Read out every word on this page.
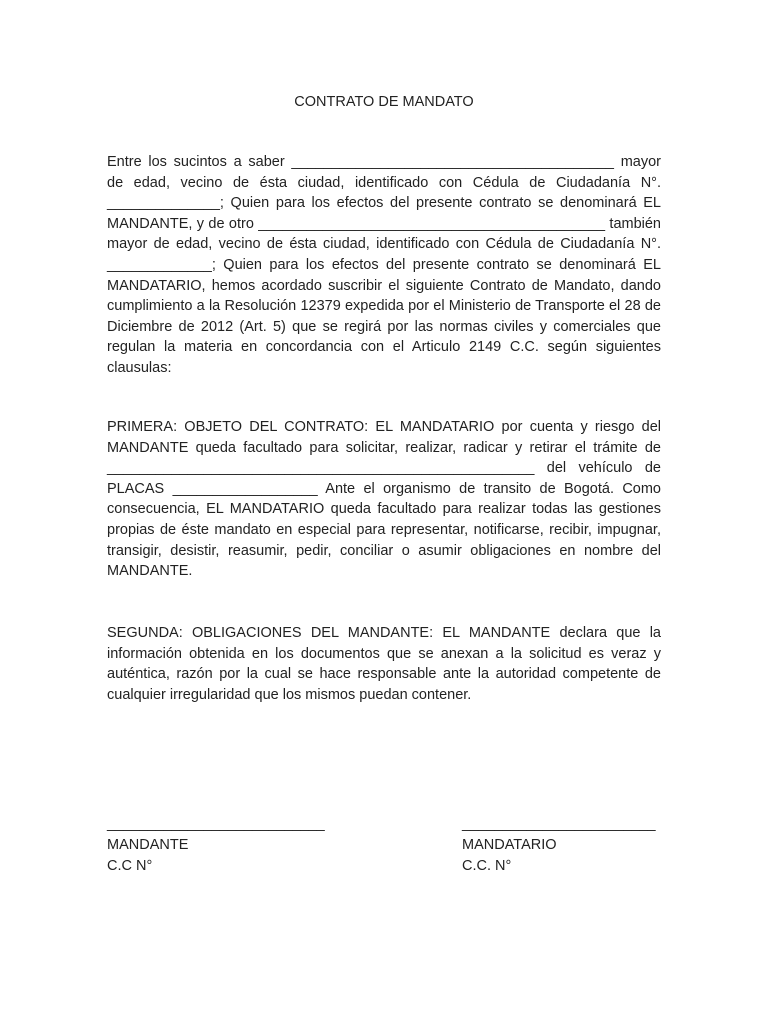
CONTRATO DE MANDATO

Entre los sucintos a saber ________________________________________ mayor de edad, vecino de ésta ciudad, identificado con Cédula de Ciudadanía N°. ______________; Quien para los efectos del presente contrato se denominará EL MANDANTE, y de otro ___________________________________________ también mayor de edad, vecino de ésta ciudad, identificado con Cédula de Ciudadanía N°. _____________; Quien para los efectos del presente contrato se denominará EL MANDATARIO, hemos acordado suscribir el siguiente Contrato de Mandato, dando cumplimiento a la Resolución 12379 expedida por el Ministerio de Transporte el 28 de Diciembre de 2012 (Art. 5) que se regirá por las normas civiles y comerciales que regulan la materia en concordancia con el Articulo 2149 C.C. según siguientes clausulas:

PRIMERA: OBJETO DEL CONTRATO: EL MANDATARIO por cuenta y riesgo del MANDANTE queda facultado para solicitar, realizar, radicar y retirar el trámite de _____________________________________________________ del vehículo de PLACAS __________________ Ante el organismo de transito de Bogotá. Como consecuencia, EL MANDATARIO queda facultado para realizar todas las gestiones propias de éste mandato en especial para representar, notificarse, recibir, impugnar, transigir, desistir, reasumir, pedir, conciliar o asumir obligaciones en nombre del MANDANTE.

SEGUNDA: OBLIGACIONES DEL MANDANTE: EL MANDANTE declara que la información obtenida en los documentos que se anexan a la solicitud es veraz y auténtica, razón por la cual se hace responsable ante la autoridad competente de cualquier irregularidad que los mismos puedan contener.

___________________________
MANDANTE
C.C N°
________________________
MANDATARIO
C.C. N°
